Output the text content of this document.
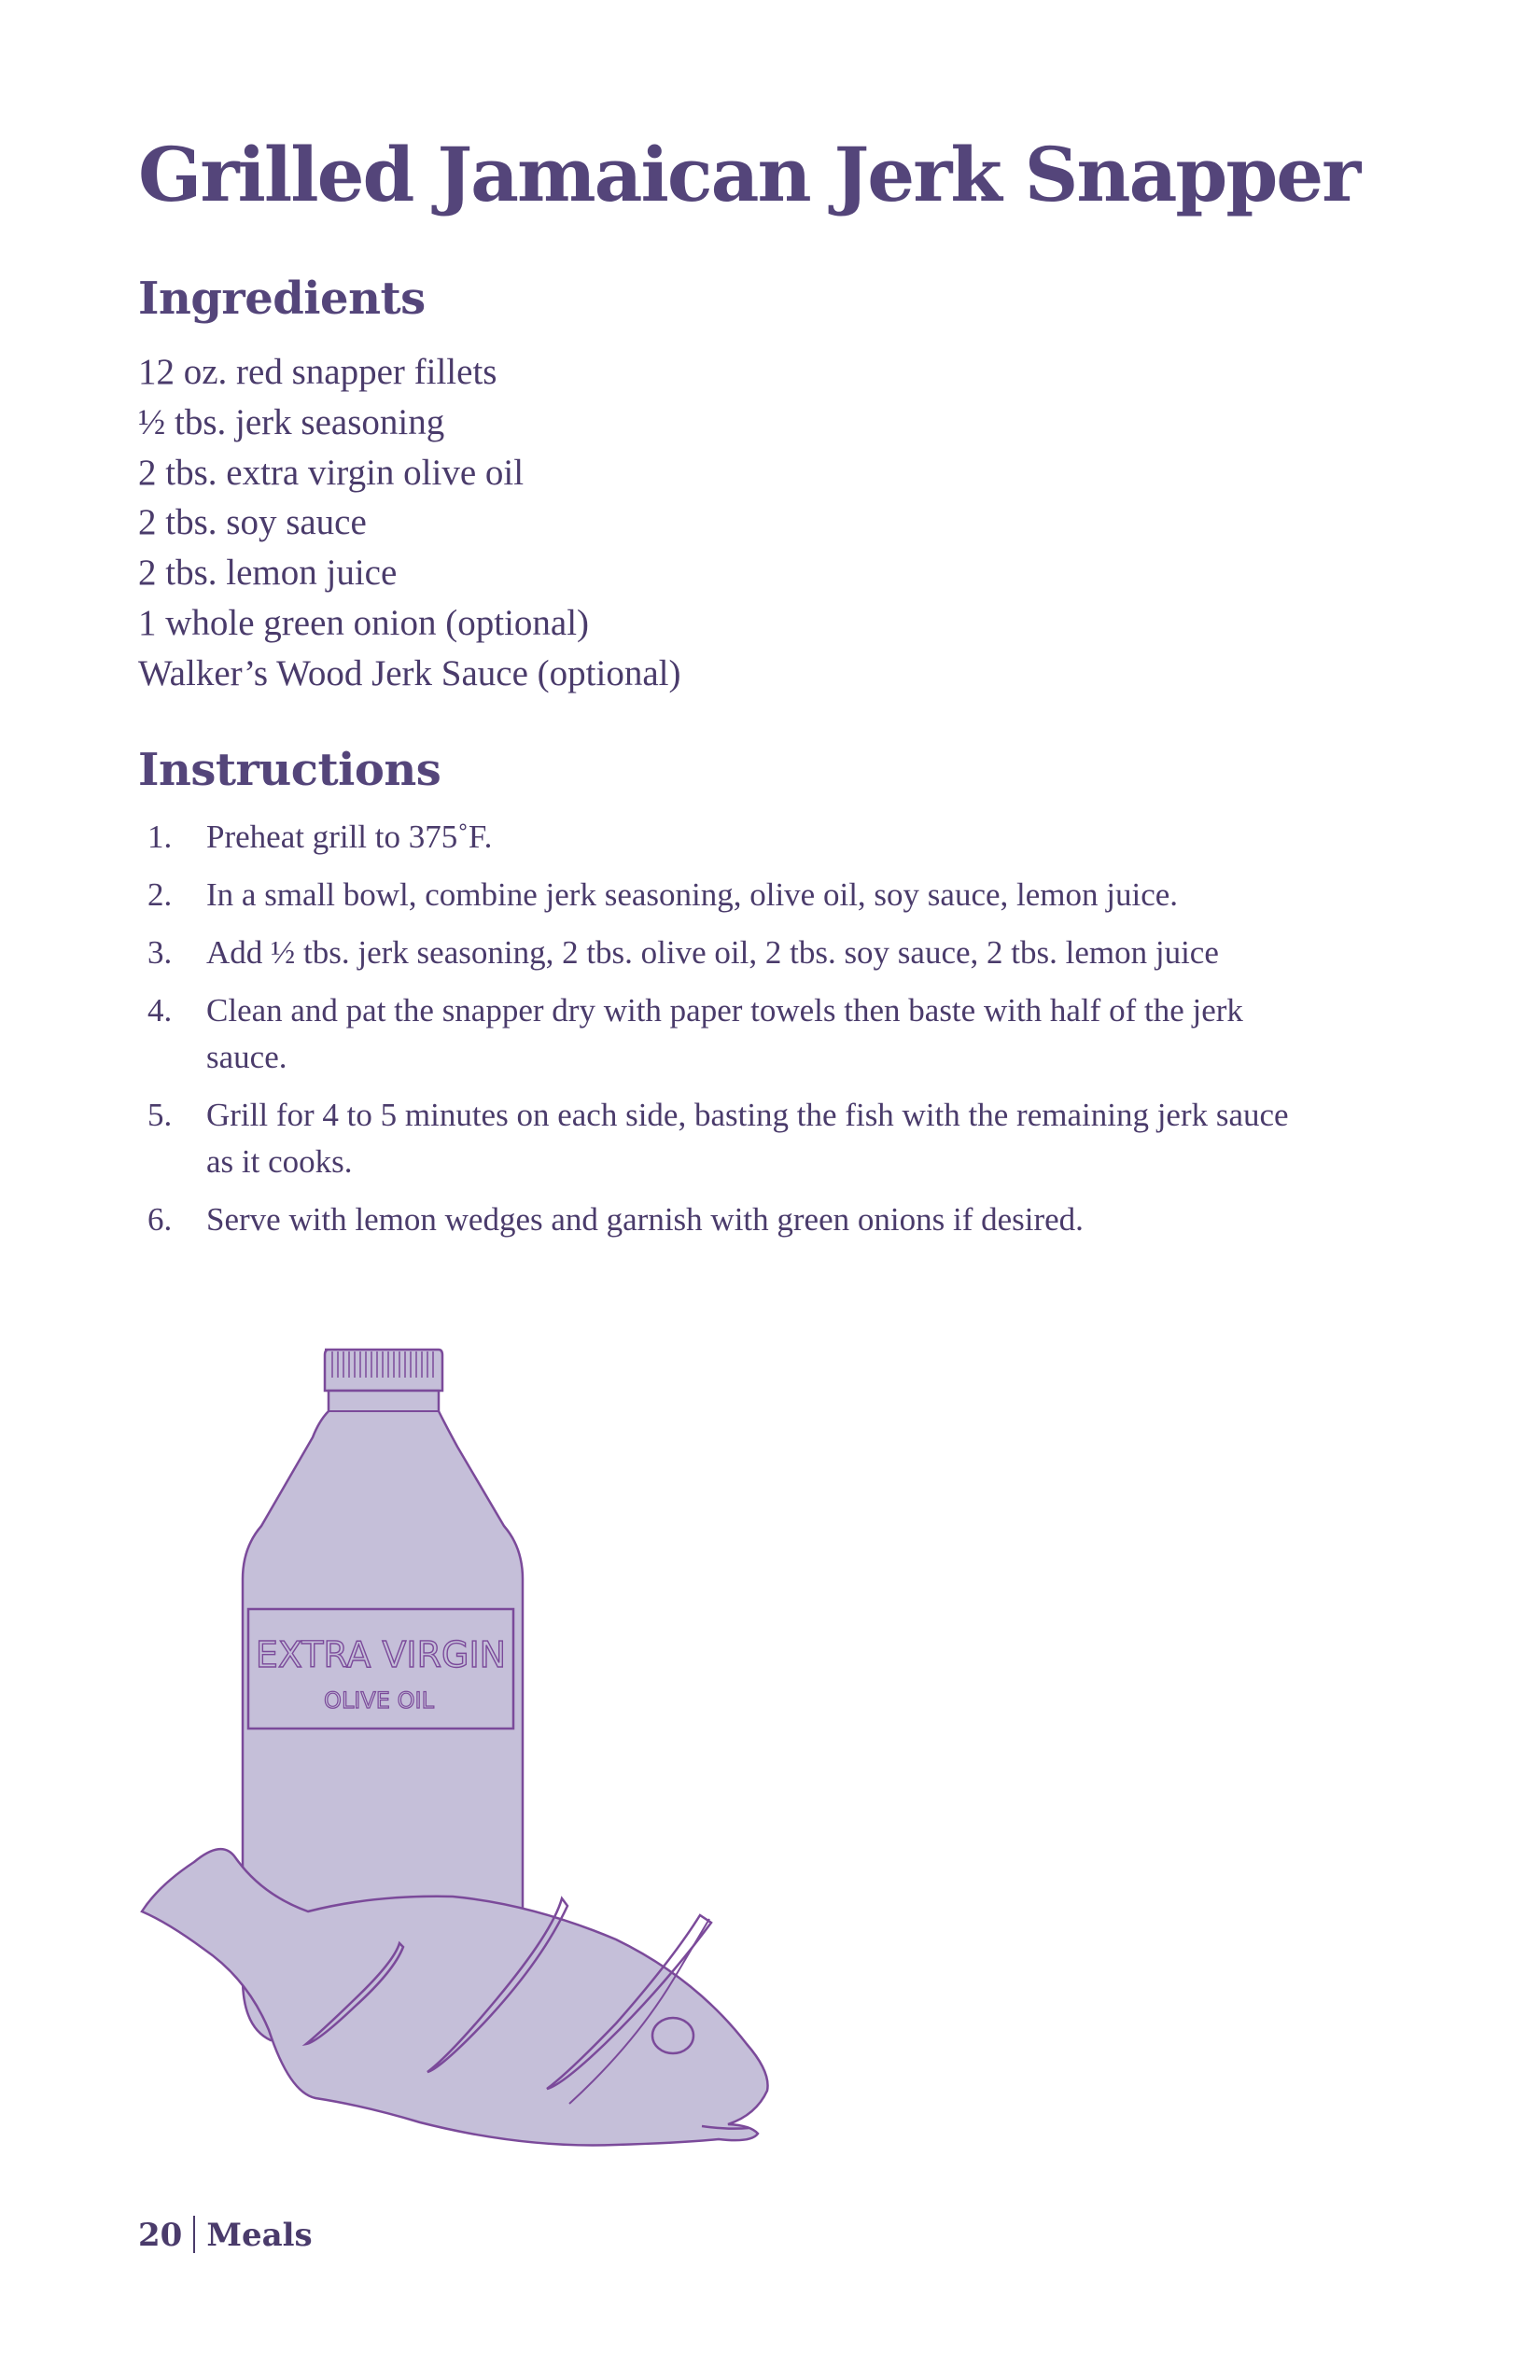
Grilled Jamaican Jerk Snapper
Ingredients
12 oz. red snapper fillets
½ tbs. jerk seasoning
2 tbs. extra virgin olive oil
2 tbs. soy sauce
2 tbs. lemon juice
1 whole green onion (optional)
Walker’s Wood Jerk Sauce (optional)
Instructions
1.	Preheat grill to 375˚F.
2.	In a small bowl, combine jerk seasoning, olive oil, soy sauce, lemon juice.
3.	Add ½ tbs. jerk seasoning, 2 tbs. olive oil, 2 tbs. soy sauce, 2 tbs. lemon juice
4.	Clean and pat the snapper dry with paper towels then baste with half of the jerk sauce.
5.	Grill for 4 to 5 minutes on each side, basting the fish with the remaining jerk sauce as it cooks.
6.	Serve with lemon wedges and garnish with green onions if desired.
EXTRA VIRGIN
OLIVE OIL
20 Meals
